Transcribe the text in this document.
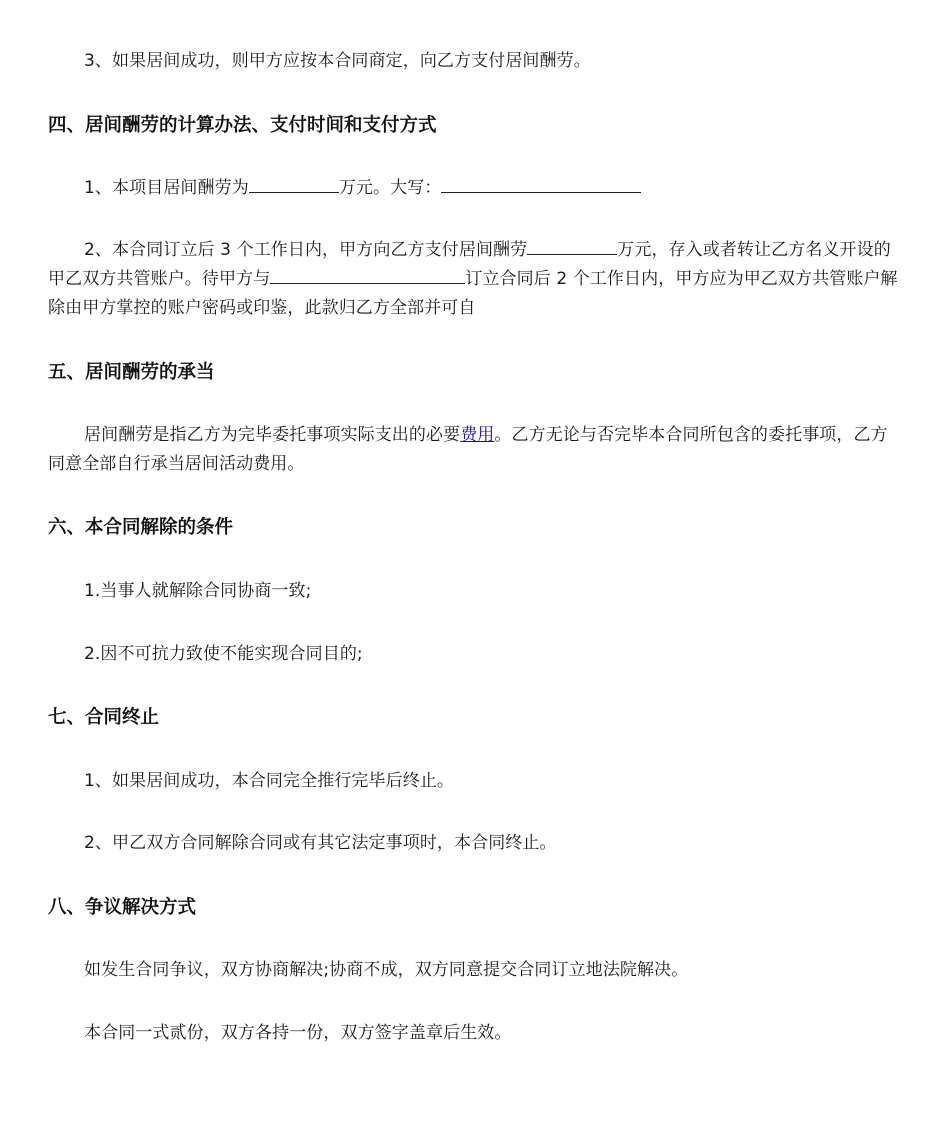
3、如果居间成功，则甲方应按本合同商定，向乙方支付居间酬劳。

四、居间酬劳的计算办法、支付时间和支付方式

1、本项目居间酬劳为	万元。大写：

2、本合同订立后 3 个工作日内，甲方向乙方支付居间酬劳	万元，存入或者转让乙方名义开设的甲乙双方共管账户。待甲方与	订立合同后 2 个工作日内，甲方应为甲乙双方共管账户解除由甲方掌控的账户密码或印鉴，此款归乙方全部并可自

五、居间酬劳的承当

居间酬劳是指乙方为完毕委托事项实际支出的必要费用。乙方无论与否完毕本合同所包含的委托事项，乙方同意全部自行承当居间活动费用。

六、本合同解除的条件

1.当事人就解除合同协商一致;

2.因不可抗力致使不能实现合同目的;

七、合同终止

1、如果居间成功，本合同完全推行完毕后终止。

2、甲乙双方合同解除合同或有其它法定事项时，本合同终止。

八、争议解决方式

如发生合同争议，双方协商解决;协商不成，双方同意提交合同订立地法院解决。

本合同一式贰份，双方各持一份，双方签字盖章后生效。
